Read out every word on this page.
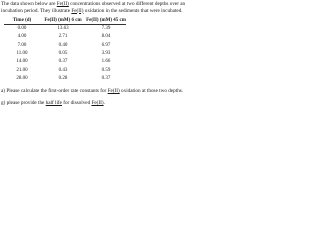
The data shown below are Fe(II) concentrations observed at two different depths over an incubation period. They illustrate Fe(II) oxidation in the sediments that were incubated.

Time (d)	Fe(II) (mM) 6 cm	Fe(II) (mM) 45 cm
0.00	13.63	7.39
4.00	2.71	8.04
7.00	0.40	6.97
11.00	0.05	3.93
14.00	0.37	1.66
21.00	0.43	0.59
28.00	0.28	0.37

a) Please calculate the first-order rate constants for Fe(II) oxidation at those two depths.

g) please provide the half life for dissolved Fe(II).
